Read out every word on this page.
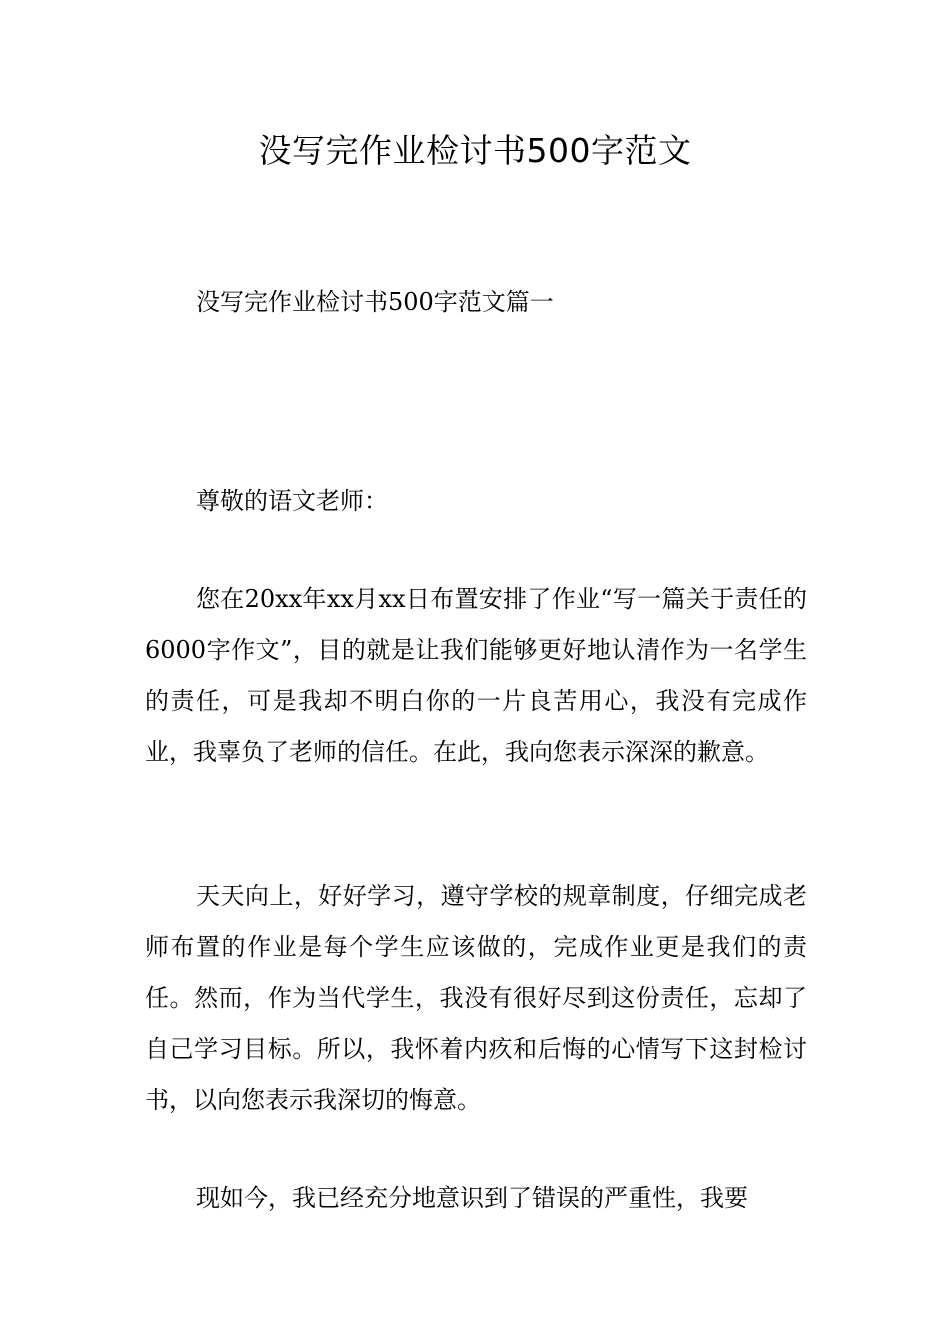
没写完作业检讨书500字范文

没写完作业检讨书500字范文篇一

尊敬的语文老师：

您在20xx年xx月xx日布置安排了作业“写一篇关于责任的6000字作文”，目的就是让我们能够更好地认清作为一名学生的责任，可是我却不明白你的一片良苦用心，我没有完成作业，我辜负了老师的信任。在此，我向您表示深深的歉意。

天天向上，好好学习，遵守学校的规章制度，仔细完成老师布置的作业是每个学生应该做的，完成作业更是我们的责任。然而，作为当代学生，我没有很好尽到这份责任，忘却了自己学习目标。所以，我怀着内疚和后悔的心情写下这封检讨书，以向您表示我深切的悔意。

现如今，我已经充分地意识到了错误的严重性，我要
